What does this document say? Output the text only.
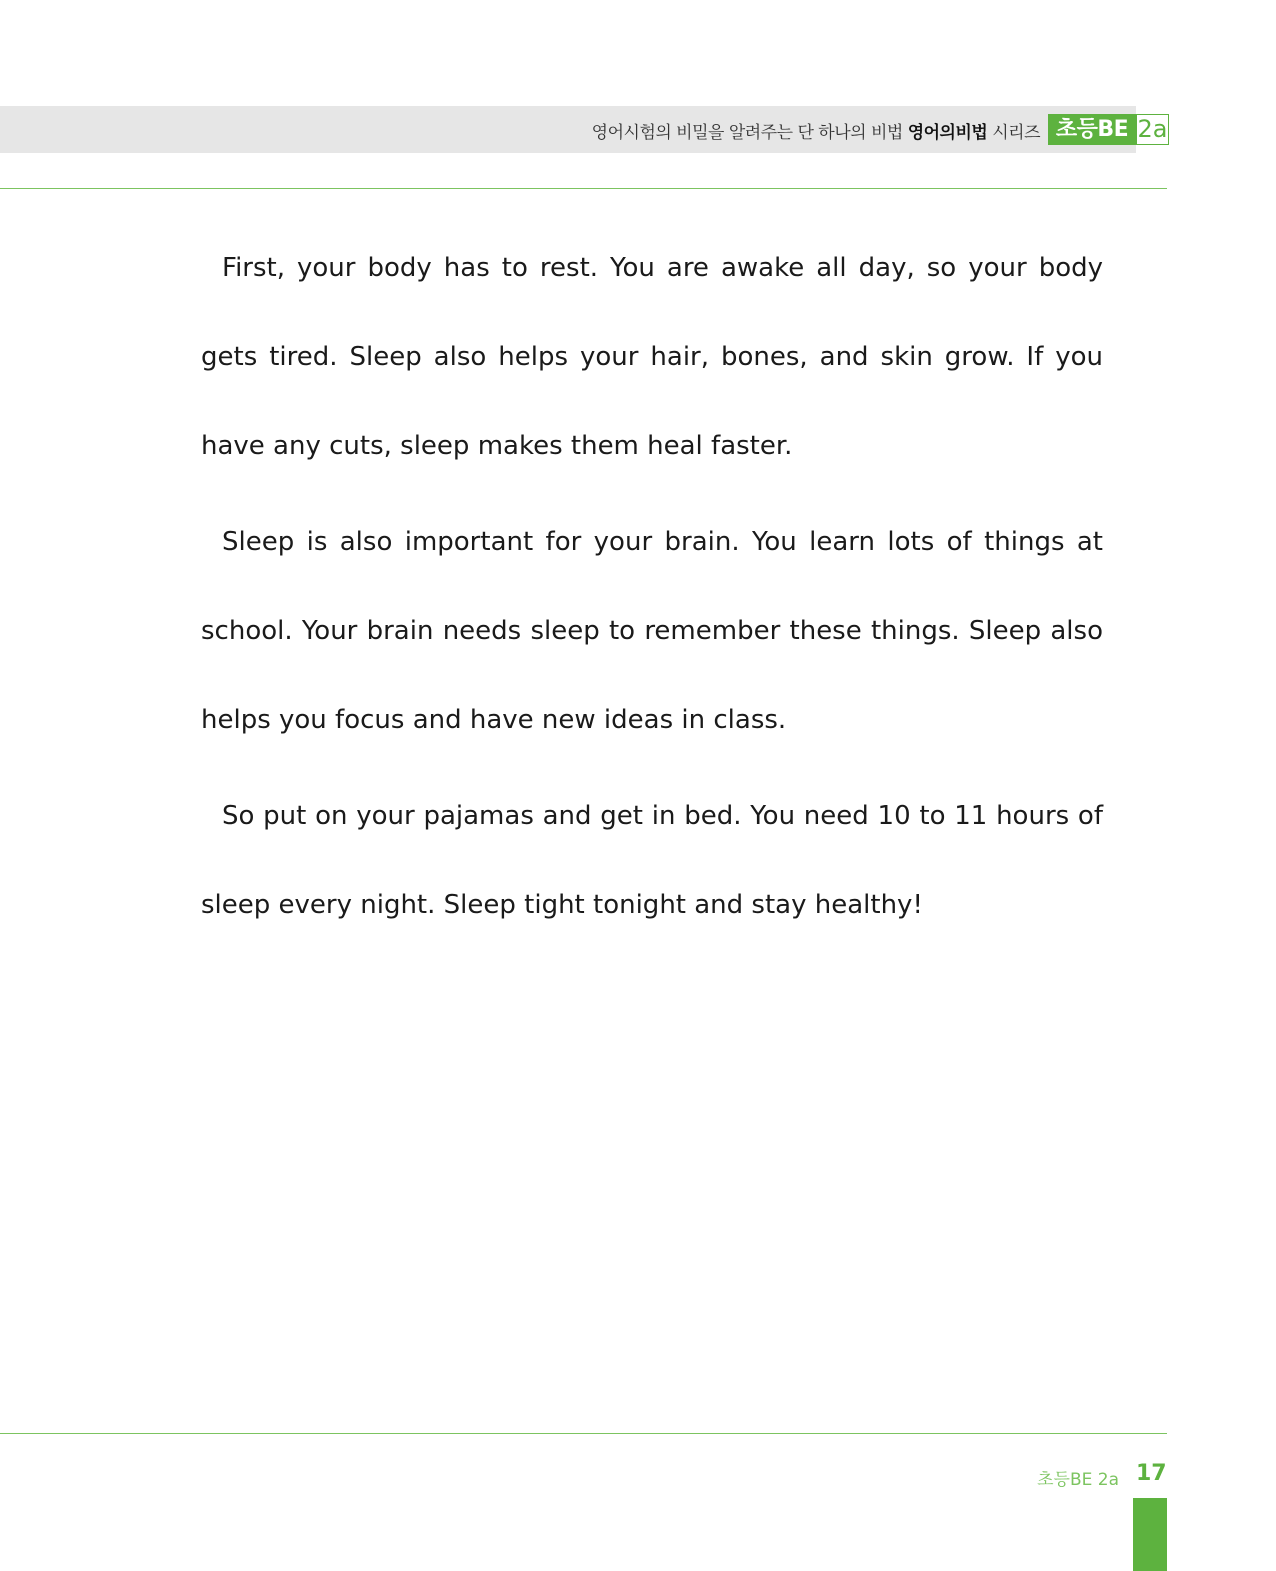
영어시험의 비밀을 알려주는 단 하나의 비법 영어의비법 시리즈 초등BE 2a

First, your body has to rest. You are awake all day, so your body gets tired. Sleep also helps your hair, bones, and skin grow. If you have any cuts, sleep makes them heal faster.

Sleep is also important for your brain. You learn lots of things at school. Your brain needs sleep to remember these things. Sleep also helps you focus and have new ideas in class.

So put on your pajamas and get in bed. You need 10 to 11 hours of sleep every night. Sleep tight tonight and stay healthy!

초등BE 2a 17
